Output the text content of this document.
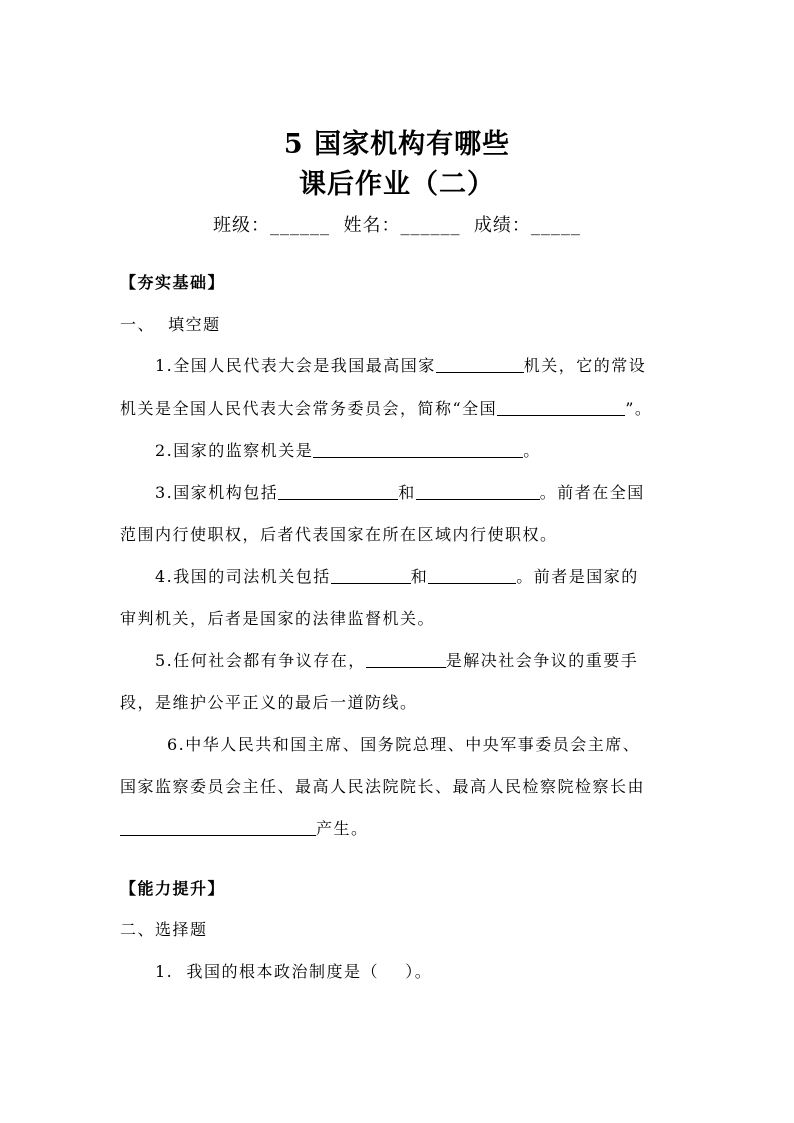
5 国家机构有哪些
课后作业（二）
班级：______  姓名：______  成绩：_____
【夯实基础】
一、  填空题
1.全国人民代表大会是我国最高国家	机关，它的常设
机关是全国人民代表大会常务委员会，简称“全国	”。
2.国家的监察机关是	。
3.国家机构包括	和	。前者在全国
范围内行使职权，后者代表国家在所在区域内行使职权。
4.我国的司法机关包括	和	。前者是国家的
审判机关，后者是国家的法律监督机关。
5.任何社会都有争议存在，	是解决社会争议的重要手
段，是维护公平正义的最后一道防线。
6.中华人民共和国主席、国务院总理、中央军事委员会主席、
国家监察委员会主任、最高人民法院院长、最高人民检察院检察长由
产生。
【能力提升】
二、选择题
1.  我国的根本政治制度是（    ）。
